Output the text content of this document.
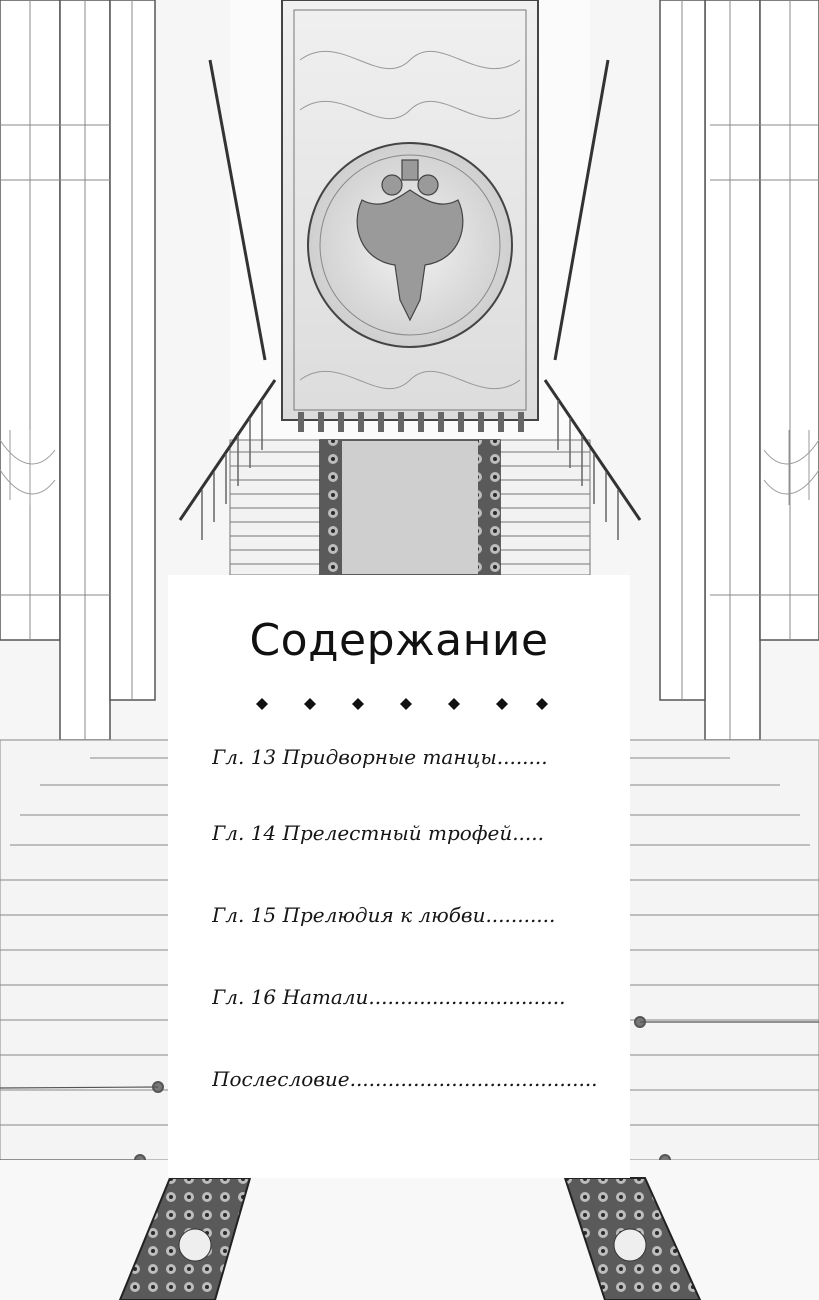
Содержание
Гл. 13 Придворные танцы........
Гл. 14 Прелестный трофей.....
Гл. 15 Прелюдия к любви...........
Гл. 16 Натали...............................
Послесловие.......................................
